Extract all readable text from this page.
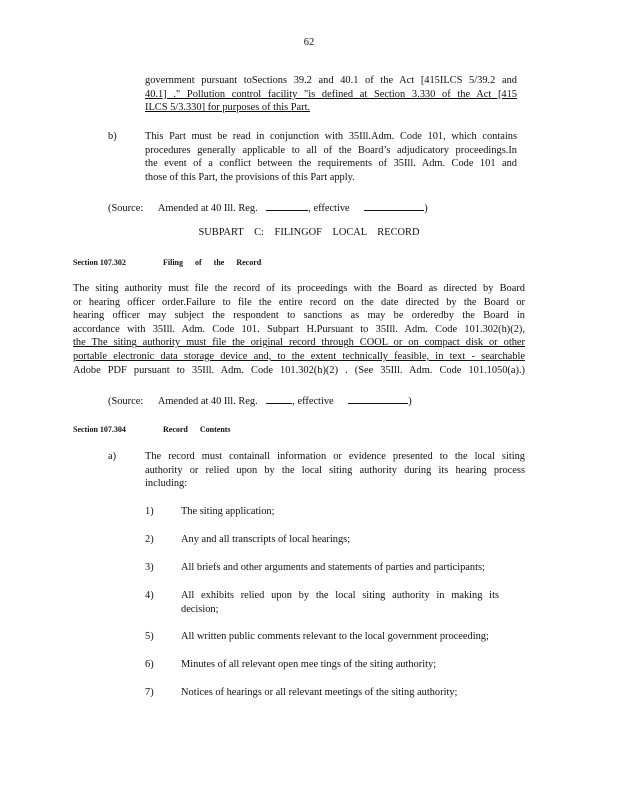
62
government pursuant toSections 39.2 and 40.1 of the Act [415ILCS 5/39.2 and
40.1] ." Pollution control facility "is defined at Section 3.330 of the Act [415
ILCS 5/3.330] for purposes of this Part.
b)	This Part must be read in conjunction with 35Ill.Adm. Code 101, which contains
procedures generally applicable to all of the Board’s adjudicatory proceedings.In
the event of a conflict between the requirements of 35Ill. Adm. Code 101 and
those of this Part, the provisions of this Part apply.
(Source: Amended at 40 Ill. Reg.	, effective	)
SUBPART C: FILINGOF LOCAL RECORD
Section 107.302	Filing of the Record
The siting authority must file the record of its proceedings with the Board as directed by Board
or hearing officer order.Failure to file the entire record on the date directed by the Board or
hearing officer may subject the respondent to sanctions as may be orderedby the Board in
accordance with 35Ill. Adm. Code 101. Subpart H.Pursuant to 35Ill. Adm. Code 101.302(h)(2),
the The siting authority must file the original record through COOL or on compact disk or other
portable electronic data storage device and, to the extent technically feasible, in text - searchable
Adobe PDF pursuant to 35Ill. Adm. Code 101.302(h)(2) . (See 35Ill. Adm. Code 101.1050(a).)
(Source: Amended at 40 Ill. Reg.	, effective	)
Section 107.304	Record Contents
a)	The record must containall information or evidence presented to the local siting
authority or relied upon by the local siting authority during its hearing process
including:
1)	The siting application;
2)	Any and all transcripts of local hearings;
3)	All briefs and other arguments and statements of parties and participants;
4)	All exhibits relied upon by the local siting authority in making its
decision;
5)	All written public comments relevant to the local government proceeding;
6)	Minutes of all relevant open mee tings of the siting authority;
7)	Notices of hearings or all relevant meetings of the siting authority;
